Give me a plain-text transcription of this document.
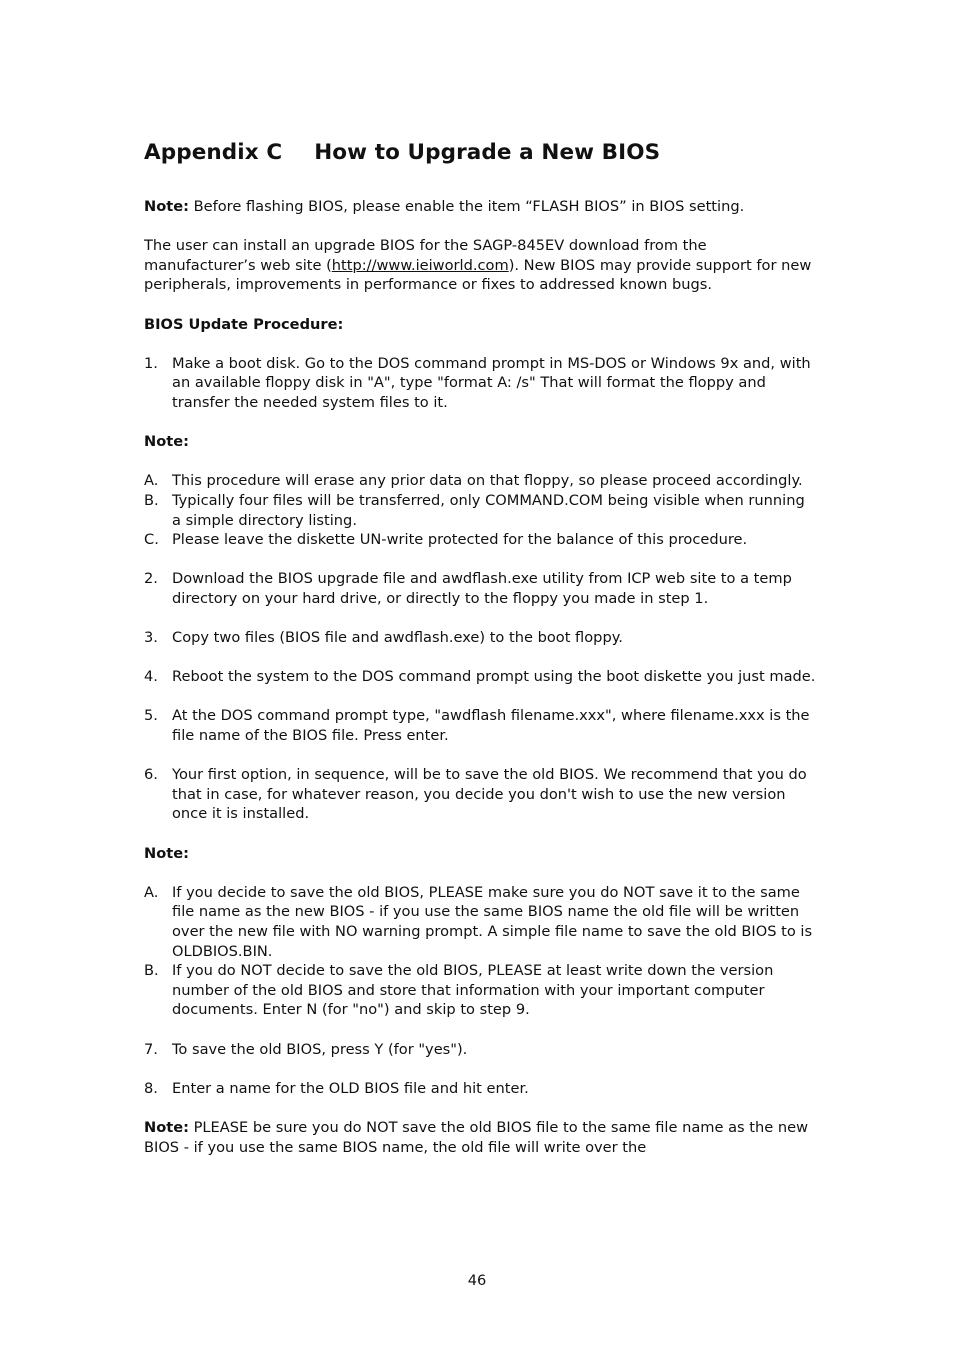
Appendix C How to Upgrade a New BIOS

Note: Before flashing BIOS, please enable the item “FLASH BIOS” in BIOS setting.

The user can install an upgrade BIOS for the SAGP-845EV download from the manufacturer’s web site (http://www.ieiworld.com). New BIOS may provide support for new peripherals, improvements in performance or fixes to addressed known bugs.

BIOS Update Procedure:

1. Make a boot disk. Go to the DOS command prompt in MS-DOS or Windows 9x and, with an available floppy disk in "A", type "format A: /s" That will format the floppy and transfer the needed system files to it.

Note:

A. This procedure will erase any prior data on that floppy, so please proceed accordingly.
B. Typically four files will be transferred, only COMMAND.COM being visible when running a simple directory listing.
C. Please leave the diskette UN-write protected for the balance of this procedure.
2. Download the BIOS upgrade file and awdflash.exe utility from ICP web site to a temp directory on your hard drive, or directly to the floppy you made in step 1.
3. Copy two files (BIOS file and awdflash.exe) to the boot floppy.
4. Reboot the system to the DOS command prompt using the boot diskette you just made.
5. At the DOS command prompt type, "awdflash filename.xxx", where filename.xxx is the file name of the BIOS file. Press enter.
6. Your first option, in sequence, will be to save the old BIOS. We recommend that you do that in case, for whatever reason, you decide you don't wish to use the new version once it is installed.

Note:

A. If you decide to save the old BIOS, PLEASE make sure you do NOT save it to the same file name as the new BIOS - if you use the same BIOS name the old file will be written over the new file with NO warning prompt. A simple file name to save the old BIOS to is OLDBIOS.BIN.
B. If you do NOT decide to save the old BIOS, PLEASE at least write down the version number of the old BIOS and store that information with your important computer documents. Enter N (for "no") and skip to step 9.
7. To save the old BIOS, press Y (for "yes").
8. Enter a name for the OLD BIOS file and hit enter.

Note: PLEASE be sure you do NOT save the old BIOS file to the same file name as the new BIOS - if you use the same BIOS name, the old file will write over the

46
